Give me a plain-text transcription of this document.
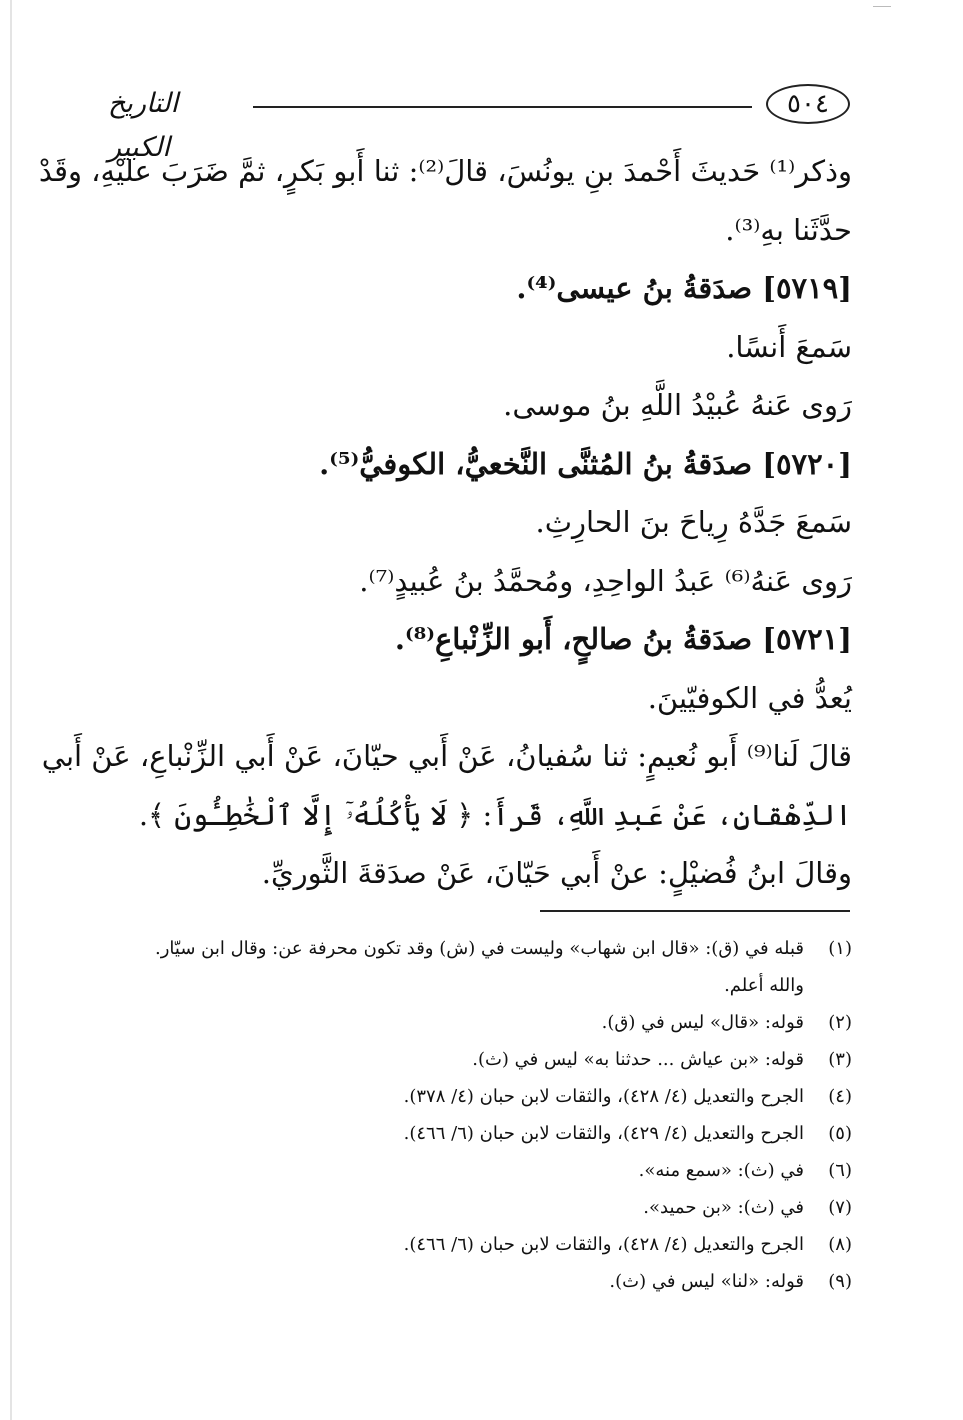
٥٠٤
التاريخ الكبير
وذكر⁽¹⁾ حَديثَ أَحْمدَ بنِ يونُسَ، قالَ⁽²⁾: ثنا أَبو بَكرٍ، ثمَّ ضَرَبَ عليْهِ، وقَدْ
حدَّثَنا بهِ⁽³⁾.
[٥٧١٩] صدَقةُ بنُ عيسى⁽⁴⁾.
سَمعَ أَنسًا.
رَوى عَنهُ عُبيْدُ اللَّهِ بنُ موسى.
[٥٧٢٠] صدَقةُ بنُ المُثنَّى النَّخعيُّ، الكوفيُّ⁽⁵⁾.
سَمعَ جَدَّهُ رِياحَ بنَ الحارِثِ.
رَوى عَنهُ⁽⁶⁾ عَبدُ الواحِدِ، ومُحمَّدُ بنُ عُبيدٍ⁽⁷⁾.
[٥٧٢١] صدَقةُ بنُ صالحٍ، أَبو الزِّنْباعِ⁽⁸⁾.
يُعدُّ في الكوفيّينَ.
قالَ لَنا⁽⁹⁾ أَبو نُعيمٍ: ثنا سُفيانُ، عَنْ أَبي حيّانَ، عَنْ أَبي الزِّنْباعِ، عَنْ أَبي
الدِّهْقانِ، عَنْ عَبدِ اللَّهِ، قَرأَ: ﴿ لَا يَأْكُلُهُۥٓ إِلَّا ٱلْخَٰطِـُٔونَ ﴾.
وقالَ ابنُ فُضيْلٍ: عنْ أَبي حَيّانَ، عَنْ صدَقةَ الثَّوريِّ.
(١)
قبله في (ق): «قال ابن شهاب» وليست في (ش) وقد تكون محرفة عن: وقال ابن سيّار.
والله أعلم.
(٢)
قوله: «قال» ليس في (ق).
(٣)
قوله: «بن عياش ... حدثنا به» ليس في (ث).
(٤)
الجرح والتعديل (٤/ ٤٢٨)، والثقات لابن حبان (٤/ ٣٧٨).
(٥)
الجرح والتعديل (٤/ ٤٢٩)، والثقات لابن حبان (٦/ ٤٦٦).
(٦)
في (ث): «سمع منه».
(٧)
في (ث): «بن حميد».
(٨)
الجرح والتعديل (٤/ ٤٢٨)، والثقات لابن حبان (٦/ ٤٦٦).
(٩)
قوله: «لنا» ليس في (ث).
